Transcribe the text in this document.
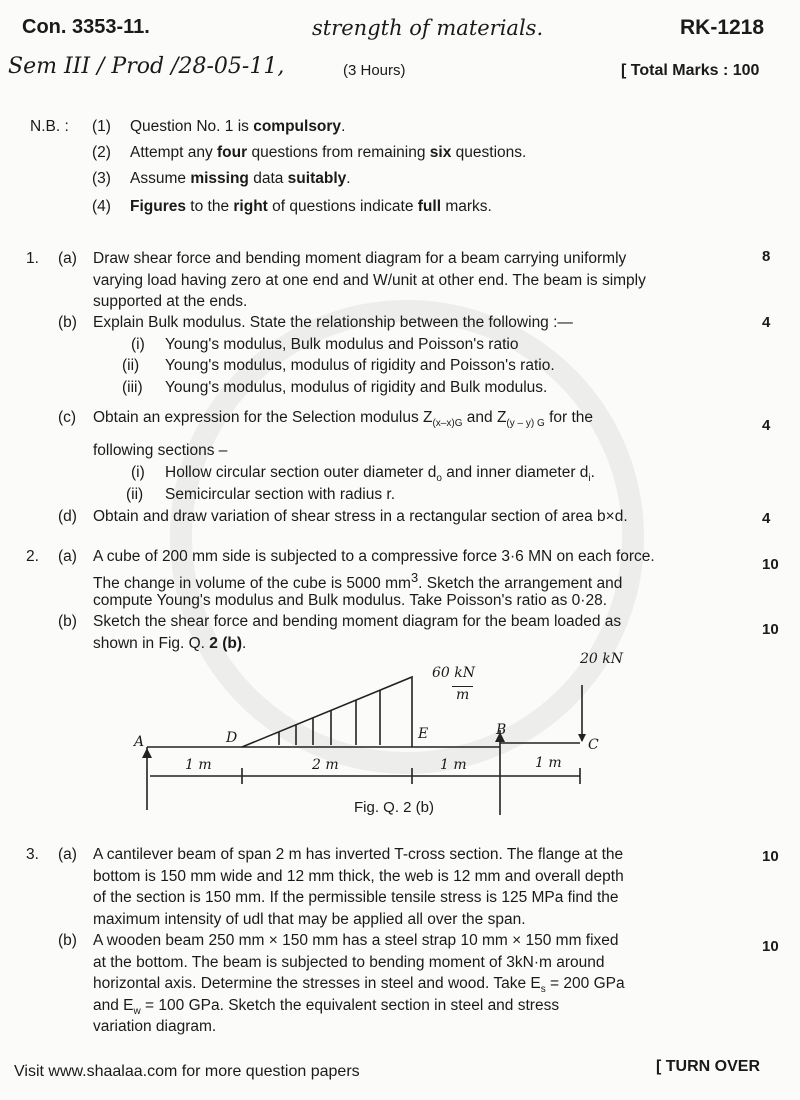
Con. 3353-11.	strength of materials.	RK-1218
Sem III / Prod /28-05-11,	(3 Hours)	[ Total Marks : 100
N.B. :
60 kN
m
20 kN
A	D	E	B
C
1 m	2 m	1 m	1 m
Fig. Q. 2 (b)
Visit www.shaalaa.com for more question papers	[ TURN OVER
(1) Question No. 1 is compulsory.
(2) Attempt any four questions from remaining six questions.
(3) Assume missing data suitably.
(4) Figures to the right of questions indicate full marks.
1. (a)	8
Draw shear force and bending moment diagram for a beam carrying uniformly
varying load having zero at one end and W/unit at other end. The beam is simply
supported at the ends.
(b)	4
Explain Bulk modulus. State the relationship between the following :—
(i) Young's modulus, Bulk modulus and Poisson's ratio
(ii) Young's modulus, modulus of rigidity and Poisson's ratio.
(iii) Young's modulus, modulus of rigidity and Bulk modulus.
(c)	4
Obtain an expression for the Selection modulus $Z_{(x-x)G}$ and $Z_{(y - y) G}$ for the
following sections –
(i) Hollow circular section outer diameter $d_o$ and inner diameter $d_i$.
(ii) Semicircular section with radius r.
(d)	4
Obtain and draw variation of shear stress in a rectangular section of area b×d.
2. (a)	10
A cube of 200 mm side is subjected to a compressive force 3·6 MN on each force.
The change in volume of the cube is 5000 $mm^3$. Sketch the arrangement and
compute Young's modulus and Bulk modulus. Take Poisson's ratio as 0·28.
(b)	10
Sketch the shear force and bending moment diagram for the beam loaded as
shown in Fig. Q. 2 (b).
3. (a)	10
A cantilever beam of span 2 m has inverted T-cross section. The flange at the
bottom is 150 mm wide and 12 mm thick, the web is 12 mm and overall depth
of the section is 150 mm. If the permissible tensile stress is 125 MPa find the
maximum intensity of udl that may be applied all over the span.
(b)	10
A wooden beam 250 mm × 150 mm has a steel strap 10 mm × 150 mm fixed
at the bottom. The beam is subjected to bending moment of 3kN·m around
horizontal axis. Determine the stresses in steel and wood. Take $E_s = 200$ GPa
and $E_w = 100$ GPa. Sketch the equivalent section in steel and stress
variation diagram.
